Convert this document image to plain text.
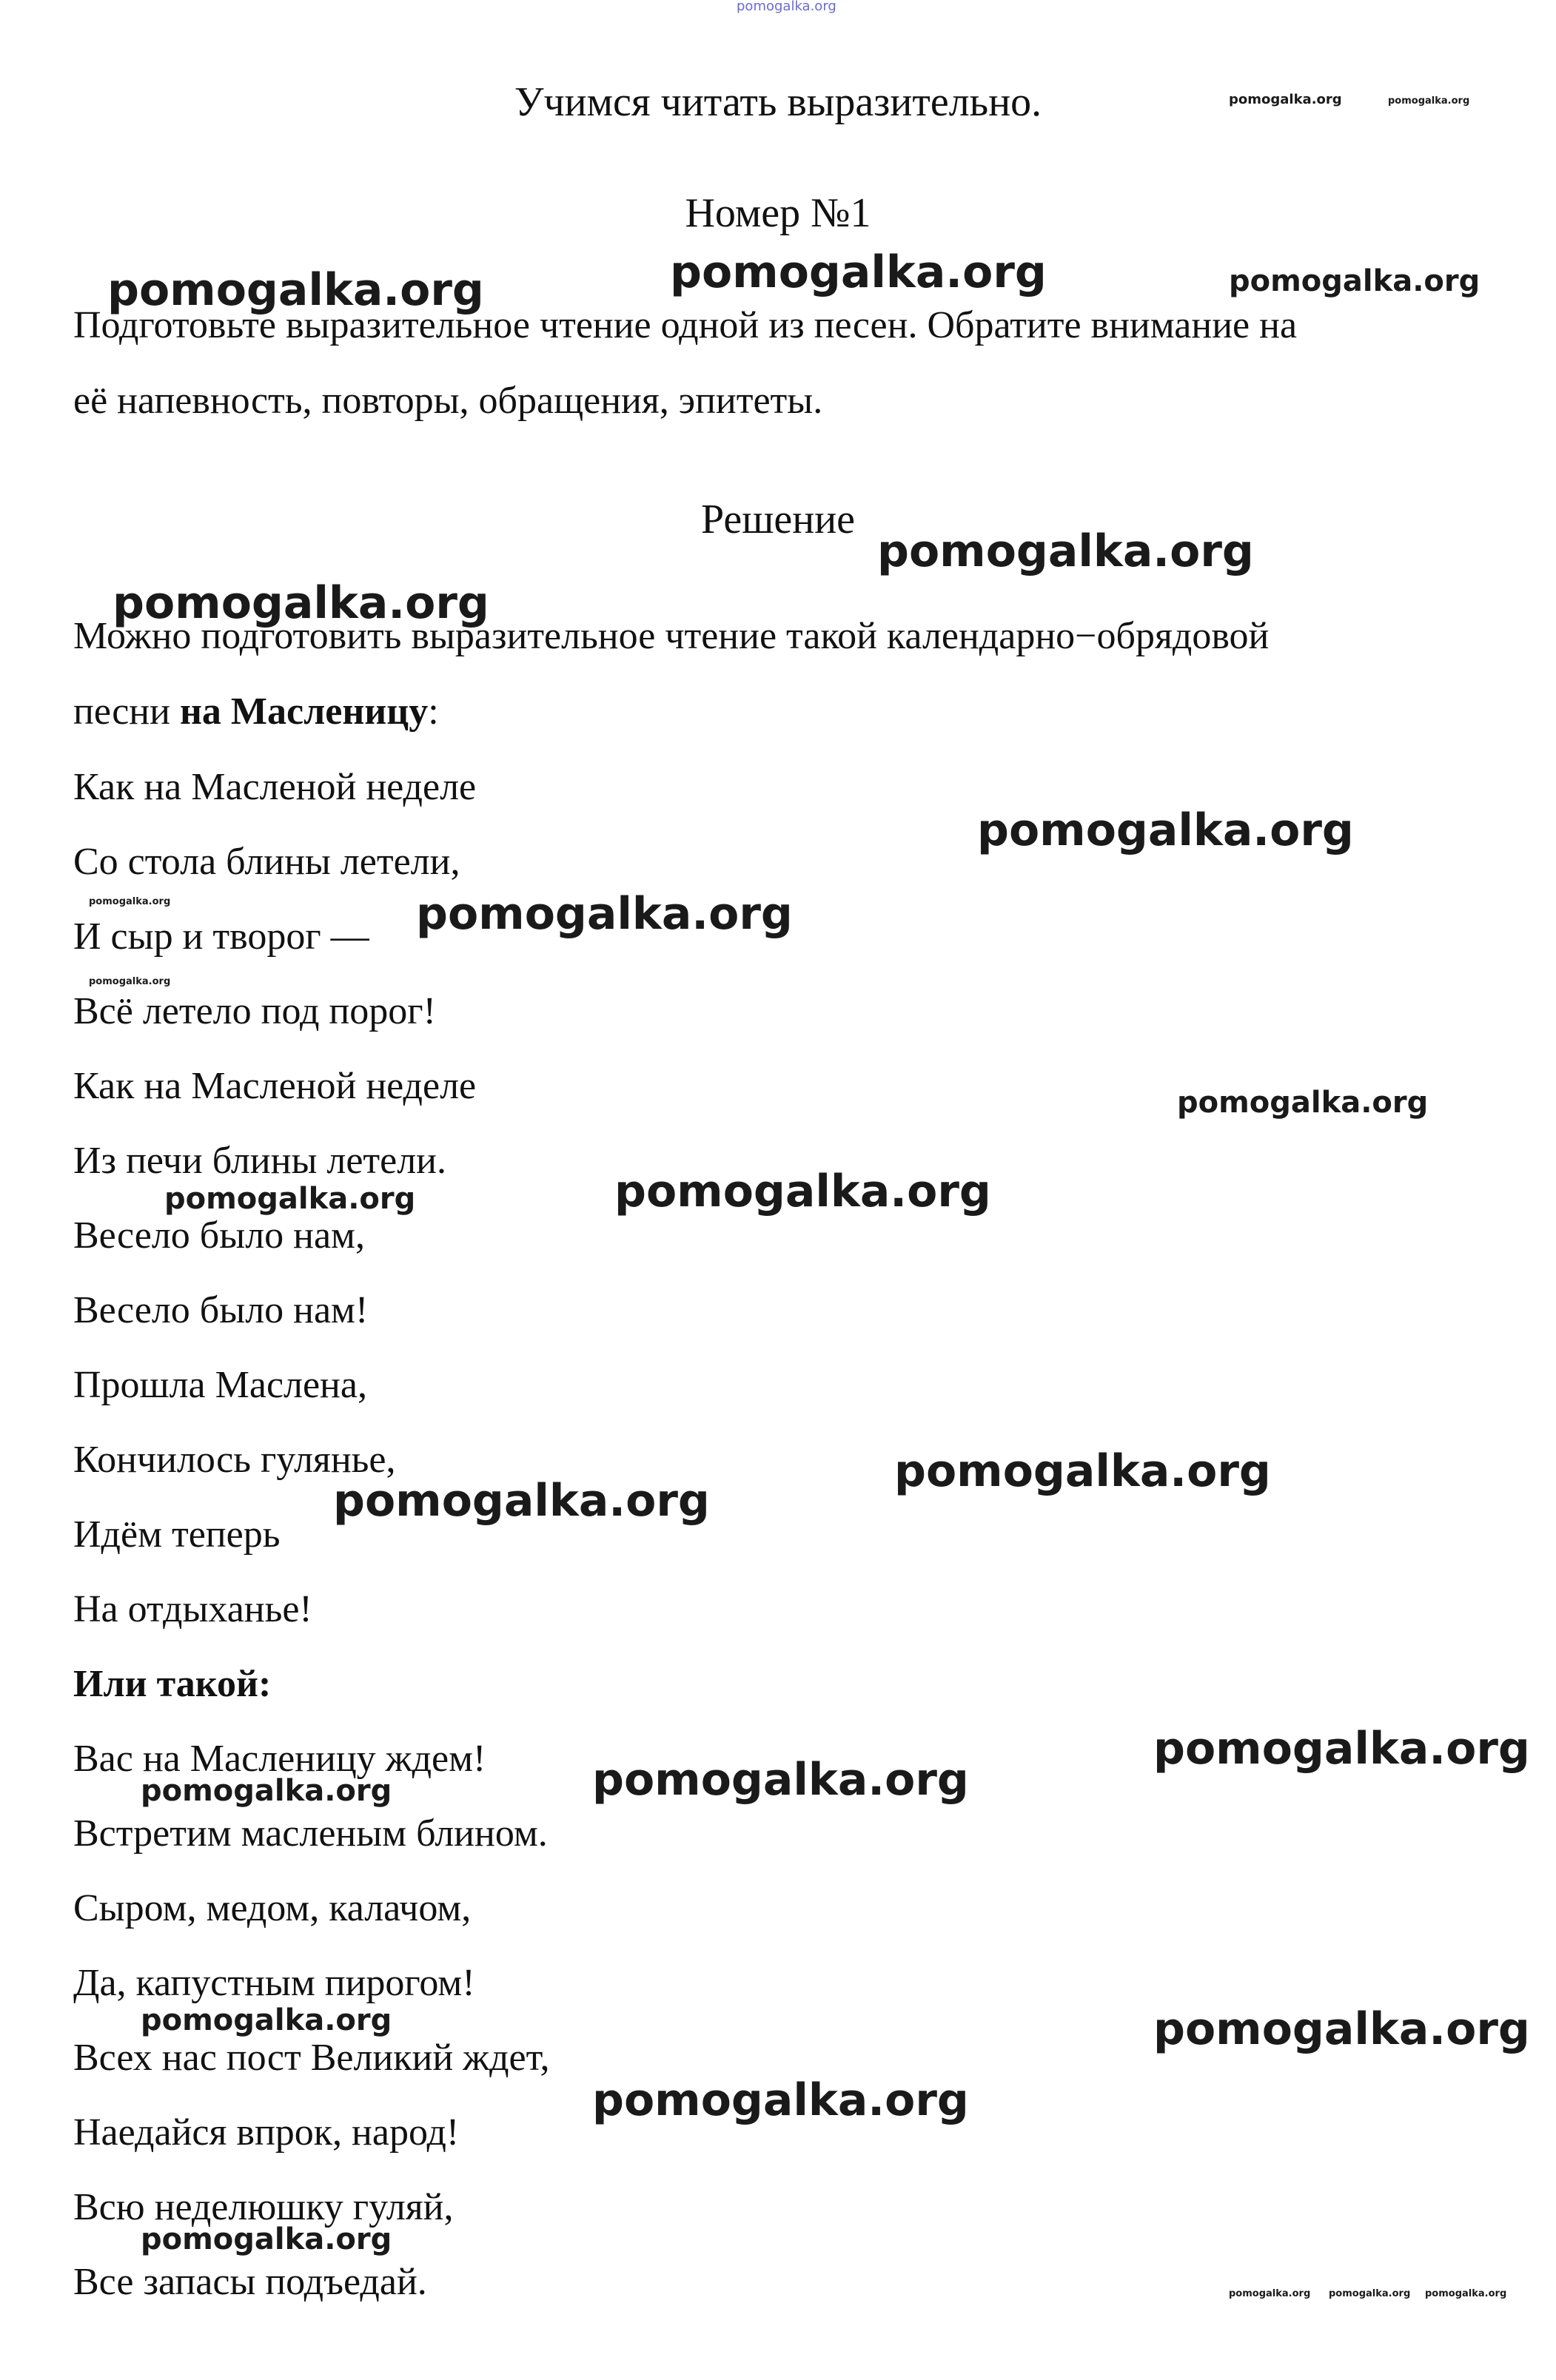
Учимся читать выразительно.
Номер №1
Подготовьте выразительное чтение одной из песен. Обратите внимание на
её напевность, повторы, обращения, эпитеты.
Решение
Можно подготовить выразительное чтение такой календарно−обрядовой
песни на Масленицу:
Как на Масленой неделе
Со стола блины летели,
И сыр и творог —
Всё летело под порог!
Как на Масленой неделе
Из печи блины летели.
Весело было нам,
Весело было нам!
Прошла Маслена,
Кончилось гулянье,
Идём теперь
На отдыханье!
Или такой:
Вас на Масленицу ждем!
Встретим масленым блином.
Сыром, медом, калачом,
Да, капустным пирогом!
Всех нас пост Великий ждет,
Наедайся впрок, народ!
Всю неделюшку гуляй,
Все запасы подъедай.
pomogalka.org
pomogalka.org	pomogalka.org
pomogalka.org	pomogalka.org	pomogalka.org
pomogalka.org
pomogalka.org
pomogalka.org
pomogalka.org	pomogalka.org
pomogalka.org
pomogalka.org
pomogalka.org
pomogalka.org
pomogalka.org
pomogalka.org
pomogalka.org
pomogalka.org
pomogalka.org
pomogalka.org	pomogalka.org
pomogalka.org
pomogalka.org
pomogalka.org pomogalka.org pomogalka.org
